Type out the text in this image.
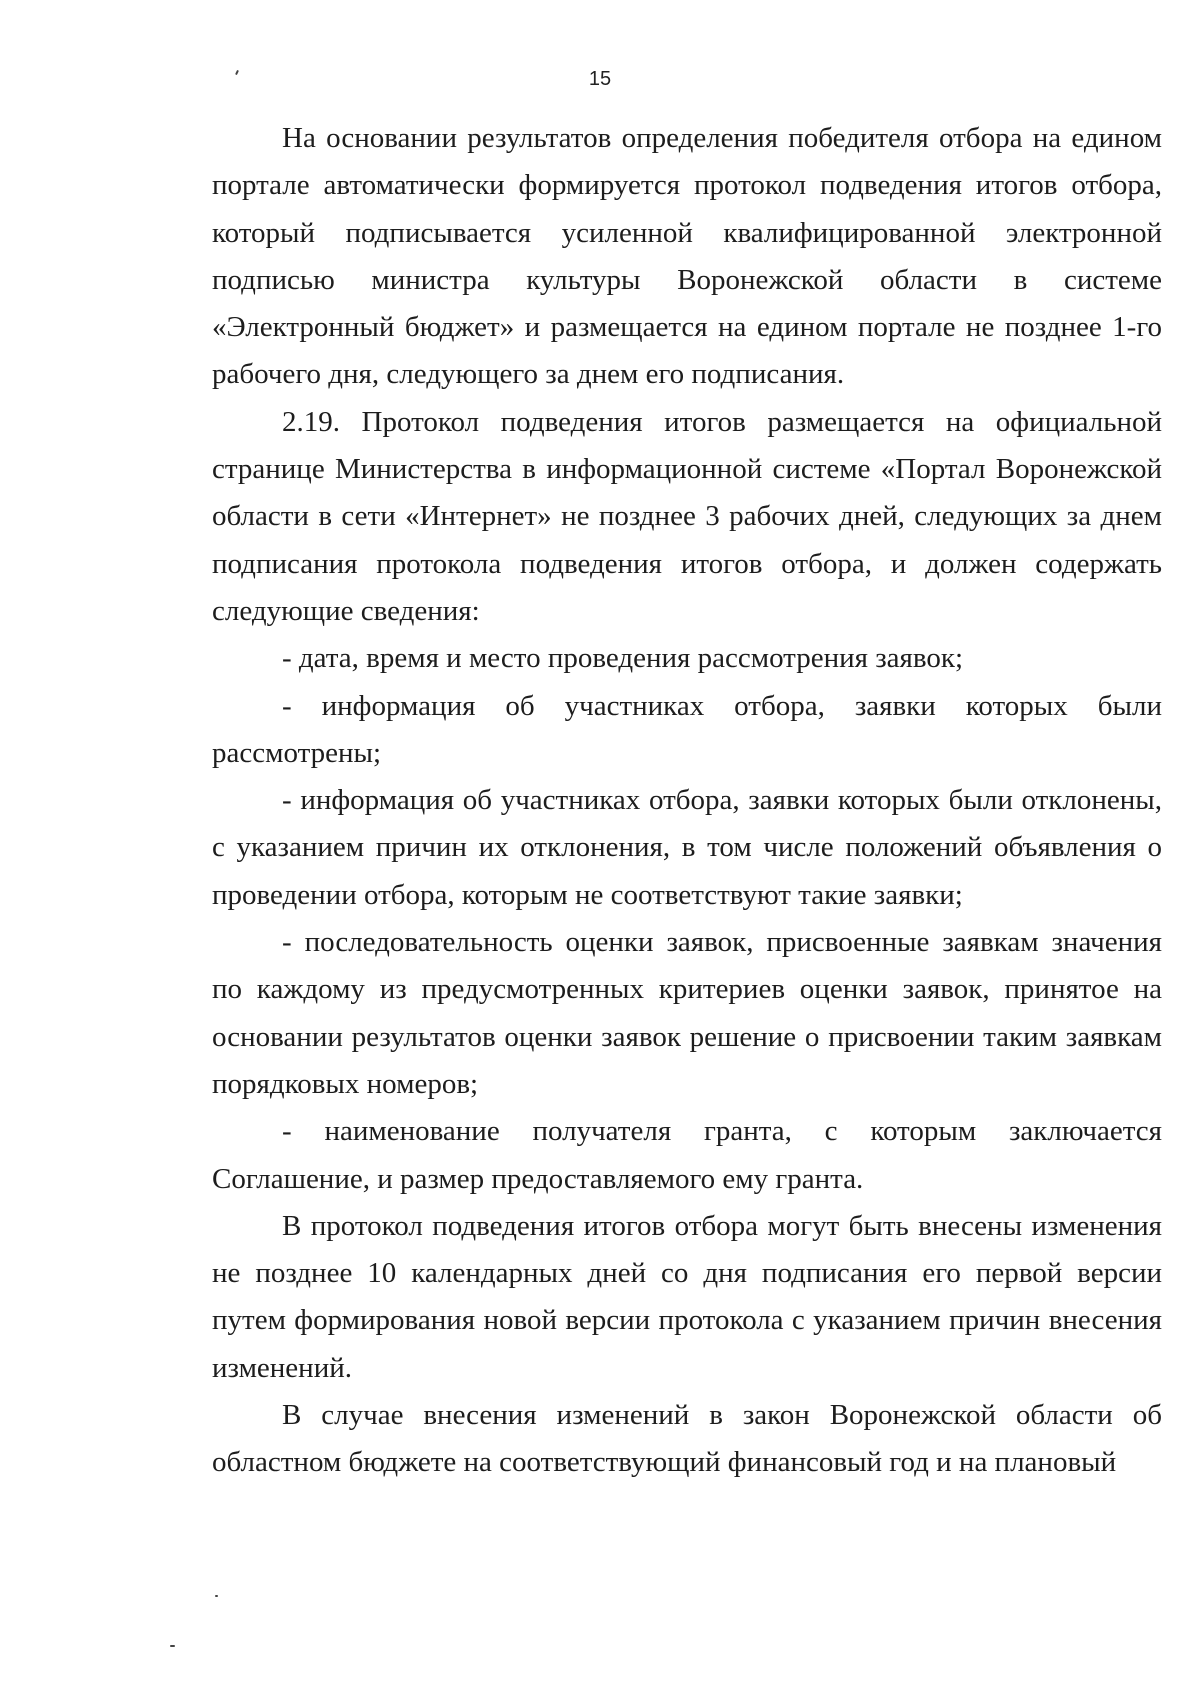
15

На основании результатов определения победителя отбора на едином портале автоматически формируется протокол подведения итогов отбора, который подписывается усиленной квалифицированной электронной подписью министра культуры Воронежской области в системе «Электронный бюджет» и размещается на едином портале не позднее 1-го рабочего дня, следующего за днем его подписания.

2.19. Протокол подведения итогов размещается на официальной странице Министерства в информационной системе «Портал Воронежской области в сети «Интернет» не позднее 3 рабочих дней, следующих за днем подписания протокола подведения итогов отбора, и должен содержать следующие сведения:

- дата, время и место проведения рассмотрения заявок;

- информация об участниках отбора, заявки которых были рассмотрены;

- информация об участниках отбора, заявки которых были отклонены, с указанием причин их отклонения, в том числе положений объявления о проведении отбора, которым не соответствуют такие заявки;

- последовательность оценки заявок, присвоенные заявкам значения по каждому из предусмотренных критериев оценки заявок, принятое на основании результатов оценки заявок решение о присвоении таким заявкам порядковых номеров;

- наименование получателя гранта, с которым заключается Соглашение, и размер предоставляемого ему гранта.

В протокол подведения итогов отбора могут быть внесены изменения не позднее 10 календарных дней со дня подписания его первой версии путем формирования новой версии протокола с указанием причин внесения изменений.

В случае внесения изменений в закон Воронежской области об областном бюджете на соответствующий финансовый год и на плановый
